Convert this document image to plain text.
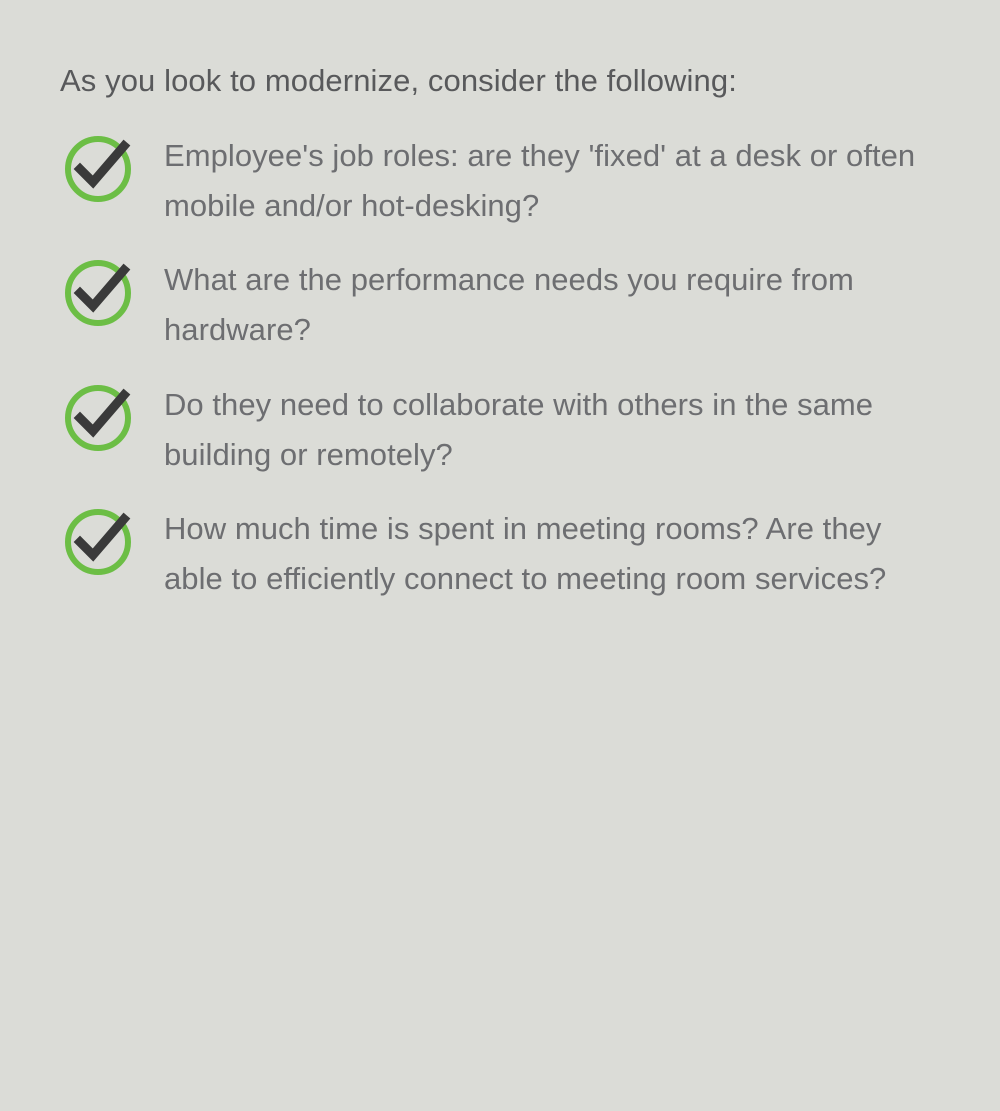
As you look to modernize, consider the following:

Employee's job roles: are they 'fixed' at a desk or often mobile and/or hot-desking?
What are the performance needs you require from hardware?
Do they need to collaborate with others in the same building or remotely?
How much time is spent in meeting rooms? Are they able to efficiently connect to meeting room services?
